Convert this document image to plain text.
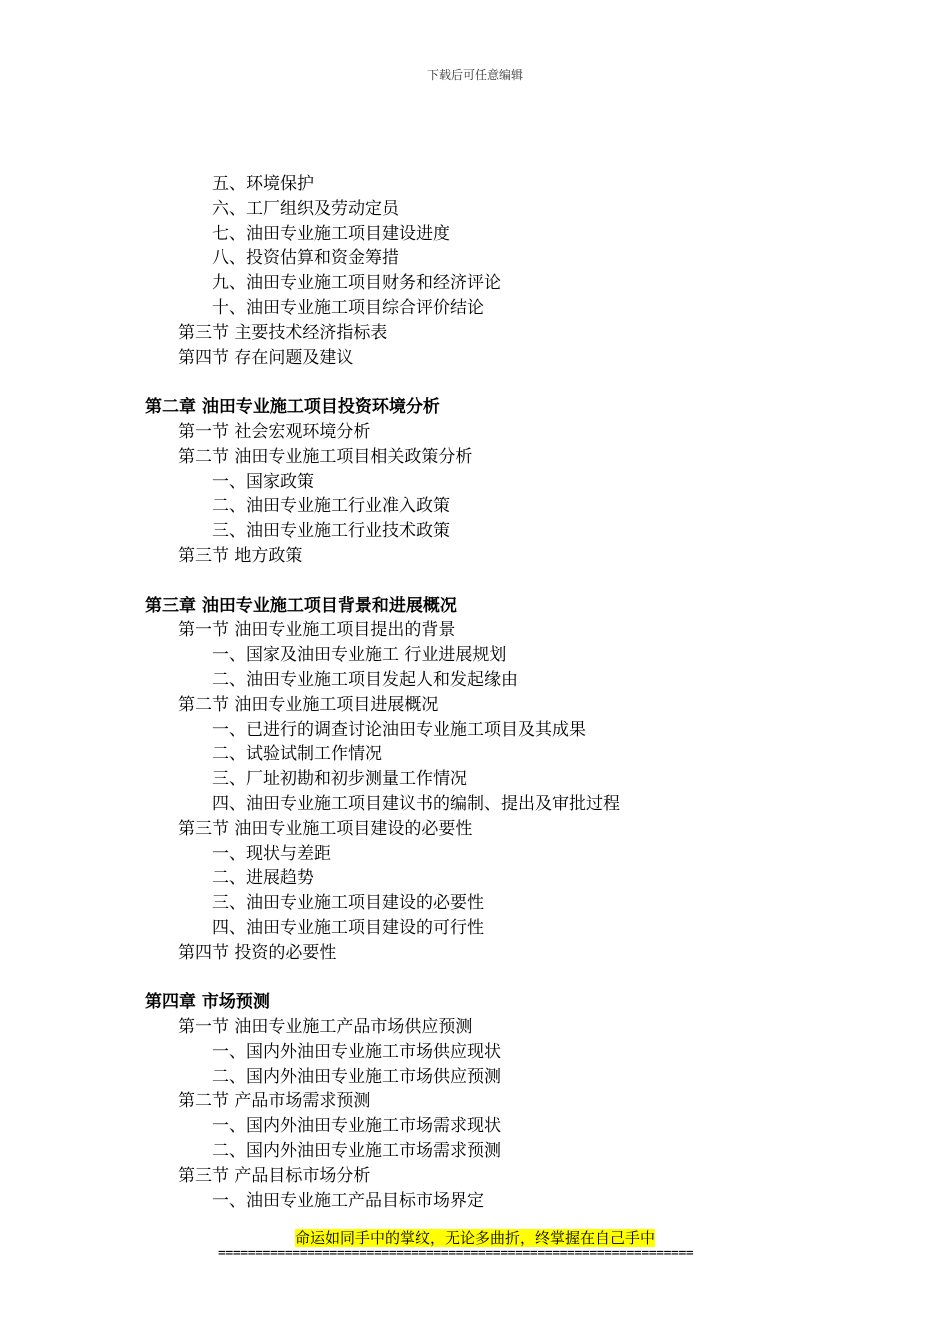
下载后可任意编辑
五、环境保护
六、工厂组织及劳动定员
七、油田专业施工项目建设进度
八、投资估算和资金筹措
九、油田专业施工项目财务和经济评论
十、油田专业施工项目综合评价结论
第三节 主要技术经济指标表
第四节 存在问题及建议
第二章 油田专业施工项目投资环境分析
第一节 社会宏观环境分析
第二节 油田专业施工项目相关政策分析
一、国家政策
二、油田专业施工行业准入政策
三、油田专业施工行业技术政策
第三节 地方政策
第三章 油田专业施工项目背景和进展概况
第一节 油田专业施工项目提出的背景
一、国家及油田专业施工 行业进展规划
二、油田专业施工项目发起人和发起缘由
第二节 油田专业施工项目进展概况
一、已进行的调查讨论油田专业施工项目及其成果
二、试验试制工作情况
三、厂址初勘和初步测量工作情况
四、油田专业施工项目建议书的编制、提出及审批过程
第三节 油田专业施工项目建设的必要性
一、现状与差距
二、进展趋势
三、油田专业施工项目建设的必要性
四、油田专业施工项目建设的可行性
第四节 投资的必要性
第四章 市场预测
第一节 油田专业施工产品市场供应预测
一、国内外油田专业施工市场供应现状
二、国内外油田专业施工市场供应预测
第二节 产品市场需求预测
一、国内外油田专业施工市场需求现状
二、国内外油田专业施工市场需求预测
第三节 产品目标市场分析
一、油田专业施工产品目标市场界定
命运如同手中的掌纹，无论多曲折，终掌握在自己手中
================================================================
